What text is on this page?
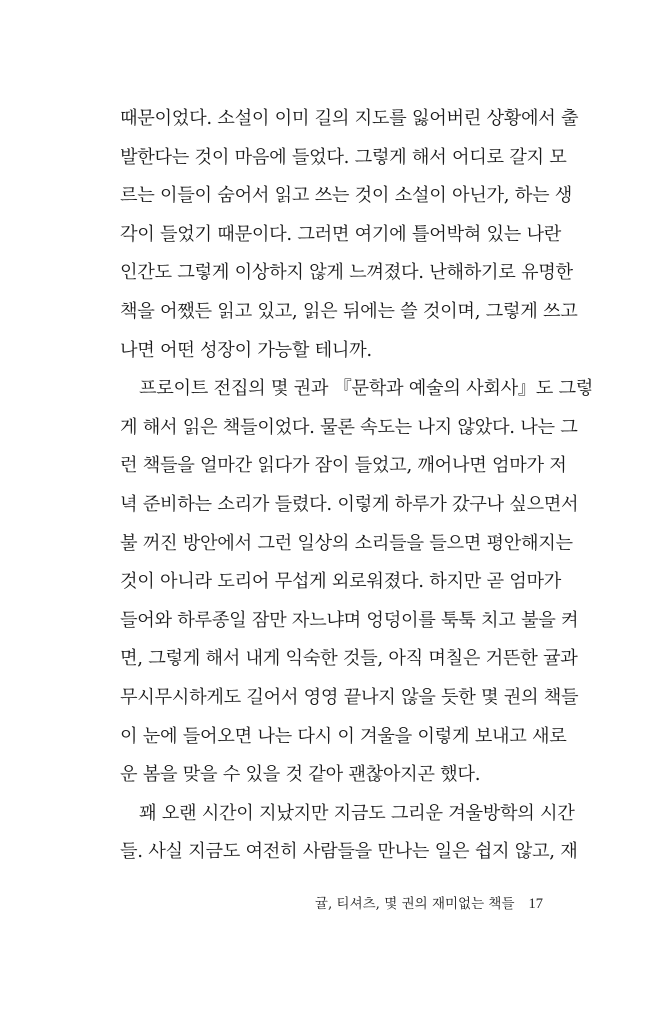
때문이었다. 소설이 이미 길의 지도를 잃어버린 상황에서 출
발한다는 것이 마음에 들었다. 그렇게 해서 어디로 갈지 모
르는 이들이 숨어서 읽고 쓰는 것이 소설이 아닌가, 하는 생
각이 들었기 때문이다. 그러면 여기에 틀어박혀 있는 나란
인간도 그렇게 이상하지 않게 느껴졌다. 난해하기로 유명한
책을 어쨌든 읽고 있고, 읽은 뒤에는 쓸 것이며, 그렇게 쓰고
나면 어떤 성장이 가능할 테니까.
프로이트 전집의 몇 권과 『문학과 예술의 사회사』도 그렇
게 해서 읽은 책들이었다. 물론 속도는 나지 않았다. 나는 그
런 책들을 얼마간 읽다가 잠이 들었고, 깨어나면 엄마가 저
녁 준비하는 소리가 들렸다. 이렇게 하루가 갔구나 싶으면서
불 꺼진 방안에서 그런 일상의 소리들을 들으면 평안해지는
것이 아니라 도리어 무섭게 외로워졌다. 하지만 곧 엄마가
들어와 하루종일 잠만 자느냐며 엉덩이를 툭툭 치고 불을 켜
면, 그렇게 해서 내게 익숙한 것들, 아직 며칠은 거뜬한 귤과
무시무시하게도 길어서 영영 끝나지 않을 듯한 몇 권의 책들
이 눈에 들어오면 나는 다시 이 겨울을 이렇게 보내고 새로
운 봄을 맞을 수 있을 것 같아 괜찮아지곤 했다.
꽤 오랜 시간이 지났지만 지금도 그리운 겨울방학의 시간
들. 사실 지금도 여전히 사람들을 만나는 일은 쉽지 않고, 재
귤, 티셔츠, 몇 권의 재미없는 책들 17
